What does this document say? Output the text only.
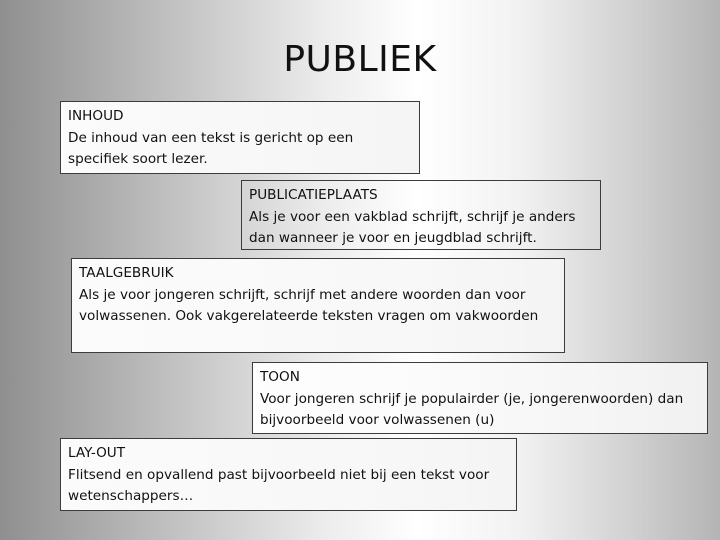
PUBLIEK
INHOUD
De inhoud van een tekst is gericht op een specifiek soort lezer.
TAALGEBRUIK
Als je voor jongeren schrijft, schrijf met andere woorden dan voor volwassenen. Ook vakgerelateerde teksten vragen om vakwoorden
PUBLICATIEPLAATS
Als je voor een vakblad schrijft, schrijf je anders dan wanneer je voor en jeugdblad schrijft.
TOON
Voor jongeren schrijf je populairder (je, jongerenwoorden) dan bijvoorbeeld voor volwassenen (u)
LAY-OUT
Flitsend en opvallend past bijvoorbeeld niet bij een tekst voor wetenschappers…
